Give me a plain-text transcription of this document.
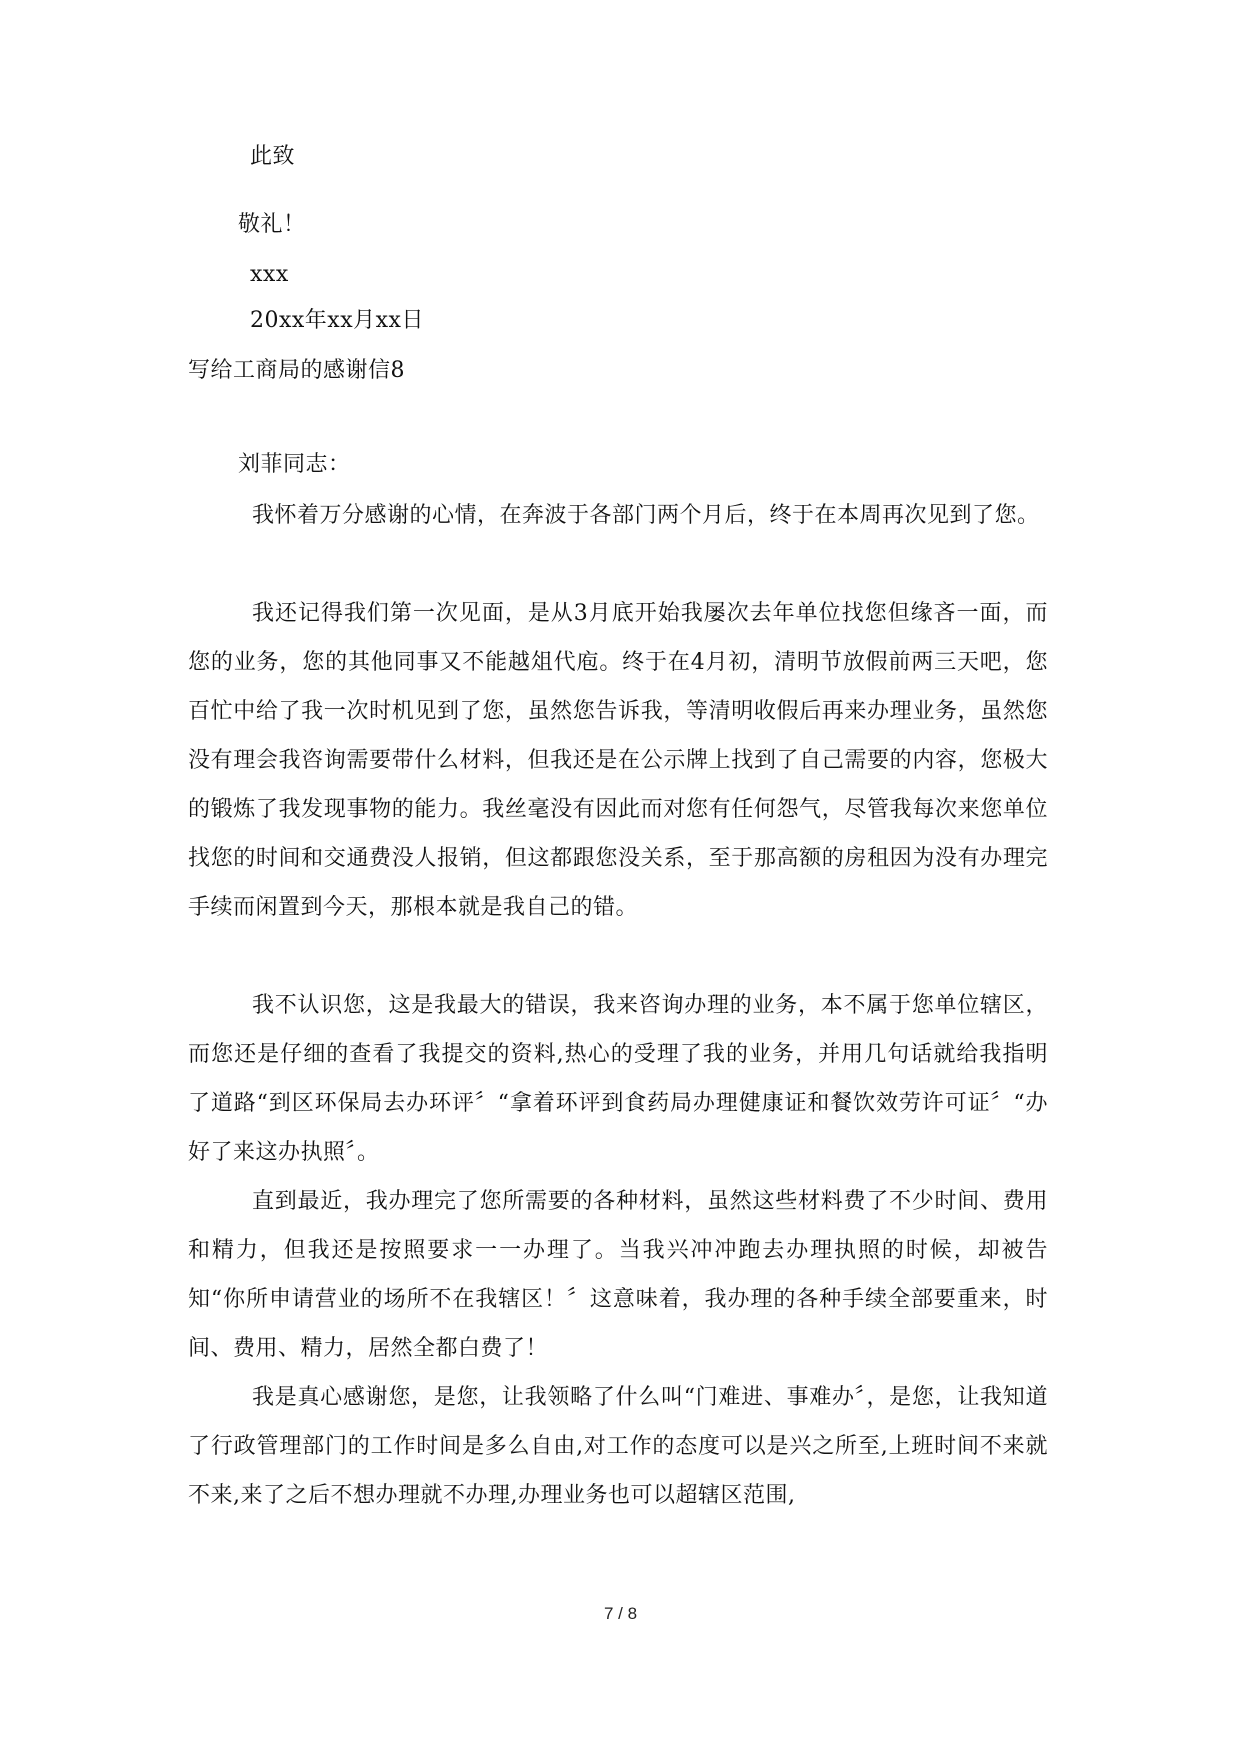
此致
敬礼！
xxx
20xx年xx月xx日
写给工商局的感谢信8
刘菲同志：
我怀着万分感谢的心情，在奔波于各部门两个月后，终于在本周再次见到了您。
我还记得我们第一次见面，是从3月底开始我屡次去年单位找您但缘吝一面，而您的业务，您的其他同事又不能越俎代庖。终于在4月初，清明节放假前两三天吧，您百忙中给了我一次时机见到了您，虽然您告诉我，等清明收假后再来办理业务，虽然您没有理会我咨询需要带什么材料，但我还是在公示牌上找到了自己需要的内容，您极大的锻炼了我发现事物的能力。我丝毫没有因此而对您有任何怨气，尽管我每次来您单位找您的时间和交通费没人报销，但这都跟您没关系，至于那高额的房租因为没有办理完手续而闲置到今天，那根本就是我自己的错。
我不认识您，这是我最大的错误，我来咨询办理的业务，本不属于您单位辖区，而您还是仔细的查看了我提交的资料,热心的受理了我的业务，并用几句话就给我指明了道路“到区环保局去办环评〞“拿着环评到食药局办理健康证和餐饮效劳许可证〞“办好了来这办执照〞。
直到最近，我办理完了您所需要的各种材料，虽然这些材料费了不少时间、费用和精力，但我还是按照要求一一办理了。当我兴冲冲跑去办理执照的时候，却被告知“你所申请营业的场所不在我辖区！〞这意味着，我办理的各种手续全部要重来，时间、费用、精力，居然全都白费了！
我是真心感谢您，是您，让我领略了什么叫“门难进、事难办〞，是您，让我知道了行政管理部门的工作时间是多么自由,对工作的态度可以是兴之所至,上班时间不来就不来,来了之后不想办理就不办理,办理业务也可以超辖区范围,
7 / 8
